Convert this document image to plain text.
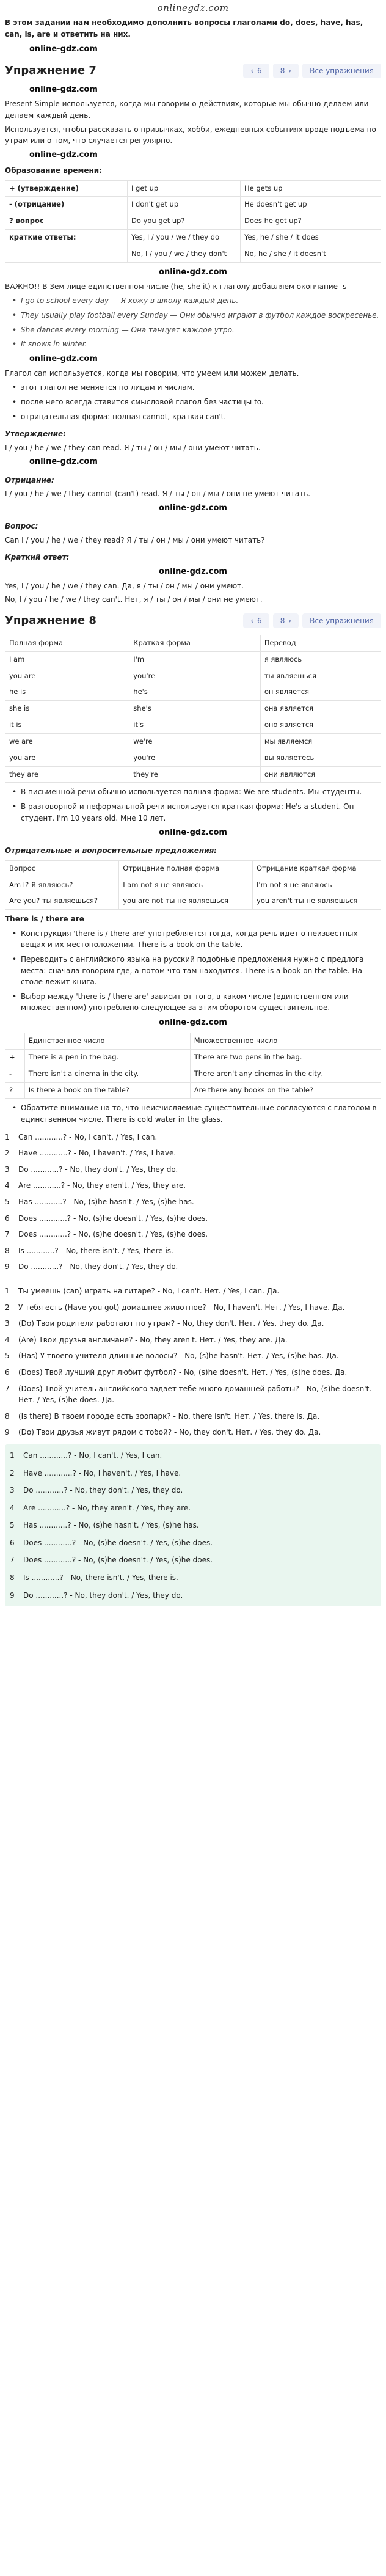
onlinegdz.com

В этом задании нам необходимо дополнить вопросы глаголами do, does, have, has, can, is, are и ответить на них.

online-gdz.com
Упражнение 7	‹ 6	8 ›	Все упражнения
online-gdz.com

Present Simple используется, когда мы говорим о действиях, которые мы обычно делаем или делаем каждый день.

Используется, чтобы рассказать о привычках, хобби, ежедневных событиях вроде подъема по утрам или о том, что случается регулярно.

online-gdz.com

Образование времени:

+ (утверждение)	I get up	He gets up
- (отрицание)	I don't get up	He doesn't get up
? вопрос	Do you get up?	Does he get up?
краткие ответы:	Yes, I / you / we / they do	Yes, he / she / it does
	No, I / you / we / they don't	No, he / she / it doesn't
online-gdz.com

ВАЖНО!! В 3ем лице единственном числе (he, she it) к глаголу добавляем окончание -s

• I go to school every day — Я хожу в школу каждый день.
• They usually play football every Sunday — Они обычно играют в футбол каждое воскресенье.
• She dances every morning — Она танцует каждое утро.
• It snows in winter.
online-gdz.com

Глагол can используется, когда мы говорим, что умеем или можем делать.

• этот глагол не меняется по лицам и числам.
• после него всегда ставится смысловой глагол без частицы to.
• отрицательная форма: полная cannot, краткая can't.

Утверждение:

I / you / he / we / they can read. Я / ты / он / мы / они умеют читать.

online-gdz.com

Отрицание:

I / you / he / we / they cannot (can't) read. Я / ты / он / мы / они не умеют читать.

online-gdz.com

Вопрос:

Can I / you / he / we / they read? Я / ты / он / мы / они умеют читать?

Краткий ответ:

online-gdz.com

Yes, I / you / he / we / they can. Да, я / ты / он / мы / они умеют.

No, I / you / he / we / they can't. Нет, я / ты / он / мы / они не умеют.

Упражнение 8	‹ 6	8 ›	Все упражнения
Полная форма	Краткая форма	Перевод
I am	I'm	я являюсь
you are	you're	ты являешься
he is	he's	он является
she is	she's	она является
it is	it's	оно является
we are	we're	мы являемся
you are	you're	вы являетесь
they are	they're	они являются
• В письменной речи обычно используется полная форма: We are students. Мы студенты.
• В разговорной и неформальной речи используется краткая форма: He's a student. Он студент. I'm 10 years old. Мне 10 лет.
online-gdz.com

Отрицательные и вопросительные предложения:

Вопрос	Отрицание полная форма	Отрицание краткая форма
Am I? Я являюсь?	I am not я не являюсь	I'm not я не являюсь
Are you? ты являешься?	you are not ты не являешься	you aren't ты не являешься

There is / there are

• Конструкция 'there is / there are' употребляется тогда, когда речь идет о неизвестных вещах и их местоположении. There is a book on the table.
• Переводить с английского языка на русский подобные предложения нужно с предлога места: сначала говорим где, а потом что там находится. There is a book on the table. На столе лежит книга.
• Выбор между 'there is / there are' зависит от того, в каком числе (единственном или множественном) употреблено следующее за этим оборотом существительное.
online-gdz.com
	Единственное число	Множественное число
+	There is a pen in the bag.	There are two pens in the bag.
-	There isn't a cinema in the city.	There aren't any cinemas in the city.
?	Is there a book on the table?	Are there any books on the table?
• Обратите внимание на то, что неисчисляемые существительные согласуются с глаголом в единственном числе. There is cold water in the glass.
1	Can ............? - No, I can't. / Yes, I can.
2	Have ............? - No, I haven't. / Yes, I have.
3	Do ............? - No, they don't. / Yes, they do.
4	Are ............? - No, they aren't. / Yes, they are.
5	Has ............? - No, (s)he hasn't. / Yes, (s)he has.
6	Does ............? - No, (s)he doesn't. / Yes, (s)he does.
7	Does ............? - No, (s)he doesn't. / Yes, (s)he does.
8	Is ............? - No, there isn't. / Yes, there is.
9	Do ............? - No, they don't. / Yes, they do.
1	Ты умеешь (can) играть на гитаре? - No, I can't. Нет. / Yes, I can. Да.
2	У тебя есть (Have you got) домашнее животное? - No, I haven't. Нет. / Yes, I have. Да.
3	(Do) Твои родители работают по утрам? - No, they don't. Нет. / Yes, they do. Да.
4	(Are) Твои друзья англичане? - No, they aren't. Нет. / Yes, they are. Да.
5	(Has) У твоего учителя длинные волосы? - No, (s)he hasn't. Нет. / Yes, (s)he has. Да.
6	(Does) Твой лучший друг любит футбол? - No, (s)he doesn't. Нет. / Yes, (s)he does. Да.
7	(Does) Твой учитель английского задает тебе много домашней работы? - No, (s)he doesn't. Нет. / Yes, (s)he does. Да.
8	(Is there) В твоем городе есть зоопарк? - No, there isn't. Нет. / Yes, there is. Да.
9	(Do) Твои друзья живут рядом с тобой? - No, they don't. Нет. / Yes, they do. Да.
1	Can ............? - No, I can't. / Yes, I can.
2	Have ............? - No, I haven't. / Yes, I have.
3	Do ............? - No, they don't. / Yes, they do.
4	Are ............? - No, they aren't. / Yes, they are.
5	Has ............? - No, (s)he hasn't. / Yes, (s)he has.
6	Does ............? - No, (s)he doesn't. / Yes, (s)he does.
7	Does ............? - No, (s)he doesn't. / Yes, (s)he does.
8	Is ............? - No, there isn't. / Yes, there is.
9	Do ............? - No, they don't. / Yes, they do.
